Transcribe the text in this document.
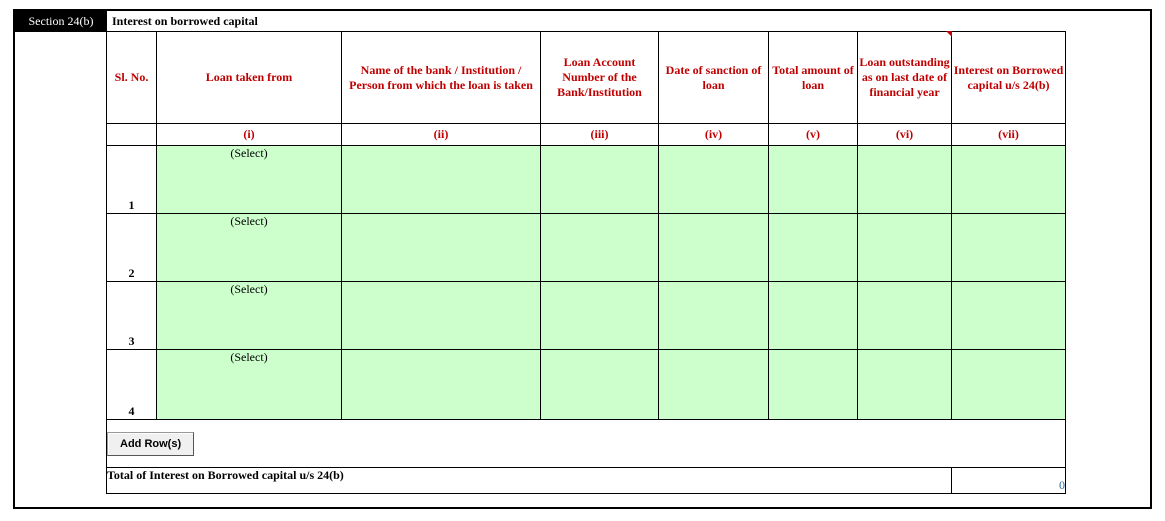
Section 24(b)	Interest on borrowed capital
Sl. No.	Loan taken from	Name of the bank / Institution / Person from which the loan is taken	Loan Account Number of the Bank/Institution	Date of sanction of loan	Total amount of loan	Loan outstanding as on last date of financial year	Interest on Borrowed capital u/s 24(b)
	(i)	(ii)	(iii)	(iv)	(v)	(vi)	(vii)
1	(Select)						
2	(Select)						
3	(Select)						
4	(Select)						
Add Row(s)							
Total of Interest on Borrowed capital u/s 24(b)							0
